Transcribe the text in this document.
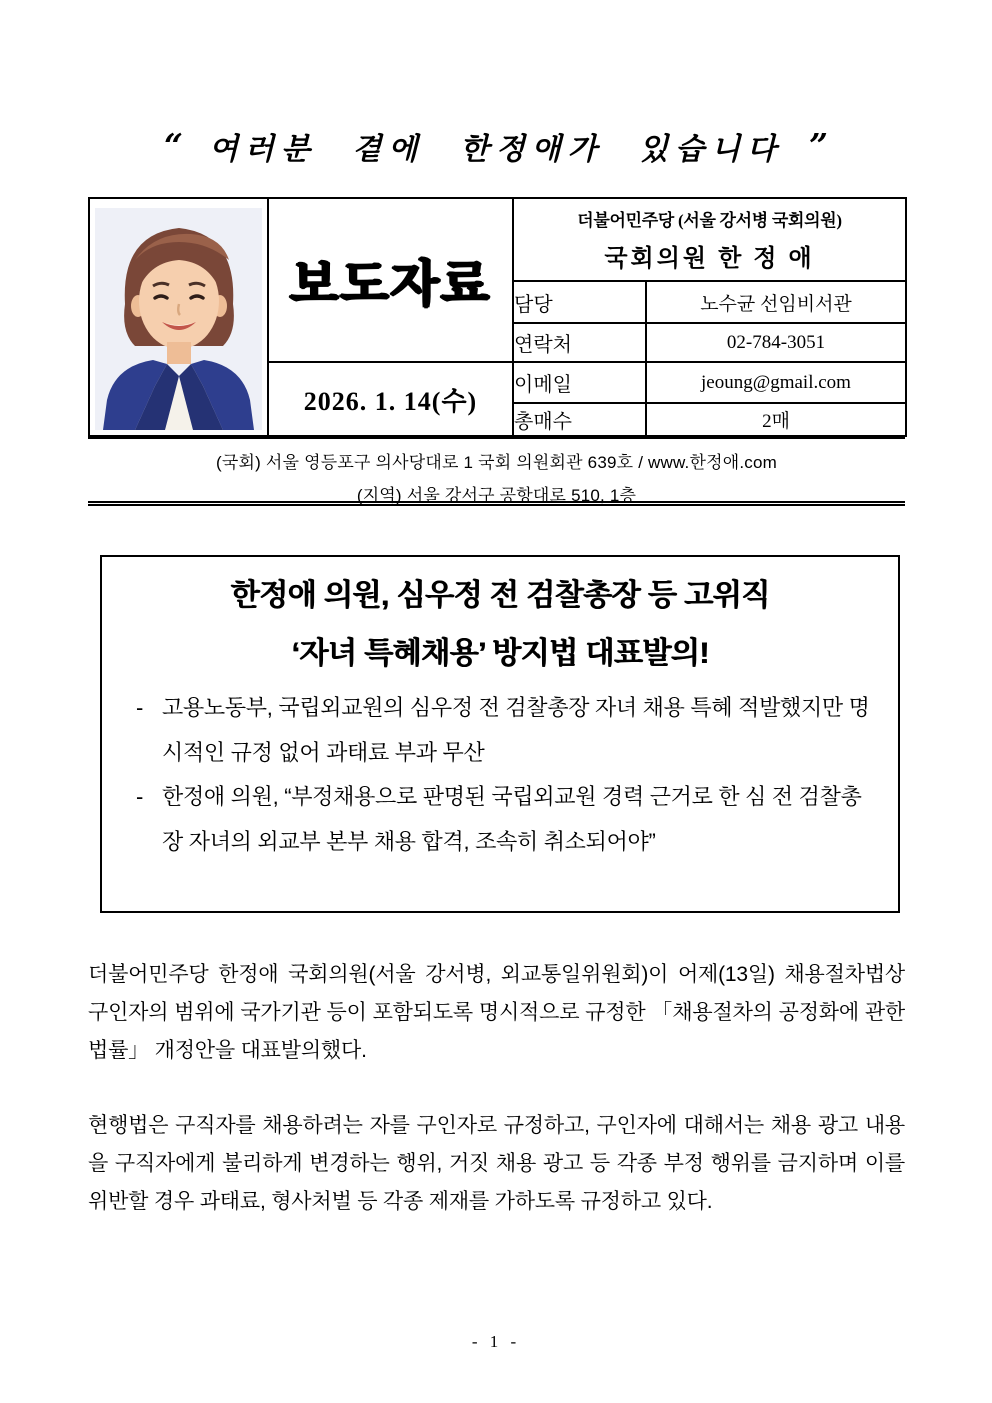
“ 여러분 곁에 한정애가 있습니다 ”
	보도자료	더불어민주당 (서울 강서병 국회의원)
국회의원 한 정 애	

		담당	노수균 선임비서관
		연락처	02-784-3051
	2026. 1. 14(수)	이메일	jeoung@gmail.com
		총매수	2매
(국회) 서울 영등포구 의사당대로 1 국회 의원회관 639호 / www.한정애.com
(지역) 서울 강서구 공항대로 510, 1층
한정애 의원, 심우정 전 검찰총장 등 고위직
‘자녀 특혜채용’ 방지법 대표발의!
- 고용노동부, 국립외교원의 심우정 전 검찰총장 자녀 채용 특혜 적발했지만 명시적인 규정 없어 과태료 부과 무산
- 한정애 의원, “부정채용으로 판명된 국립외교원 경력 근거로 한 심 전 검찰총장 자녀의 외교부 본부 채용 합격, 조속히 취소되어야”

더불어민주당 한정애 국회의원(서울 강서병, 외교통일위원회)이 어제(13일) 채용절차법상 구인자의 범위에 국가기관 등이 포함되도록 명시적으로 규정한 「채용절차의 공정화에 관한 법률」 개정안을 대표발의했다.

현행법은 구직자를 채용하려는 자를 구인자로 규정하고, 구인자에 대해서는 채용 광고 내용을 구직자에게 불리하게 변경하는 행위, 거짓 채용 광고 등 각종 부정 행위를 금지하며 이를 위반할 경우 과태료, 형사처벌 등 각종 제재를 가하도록 규정하고 있다.

- 1 -
